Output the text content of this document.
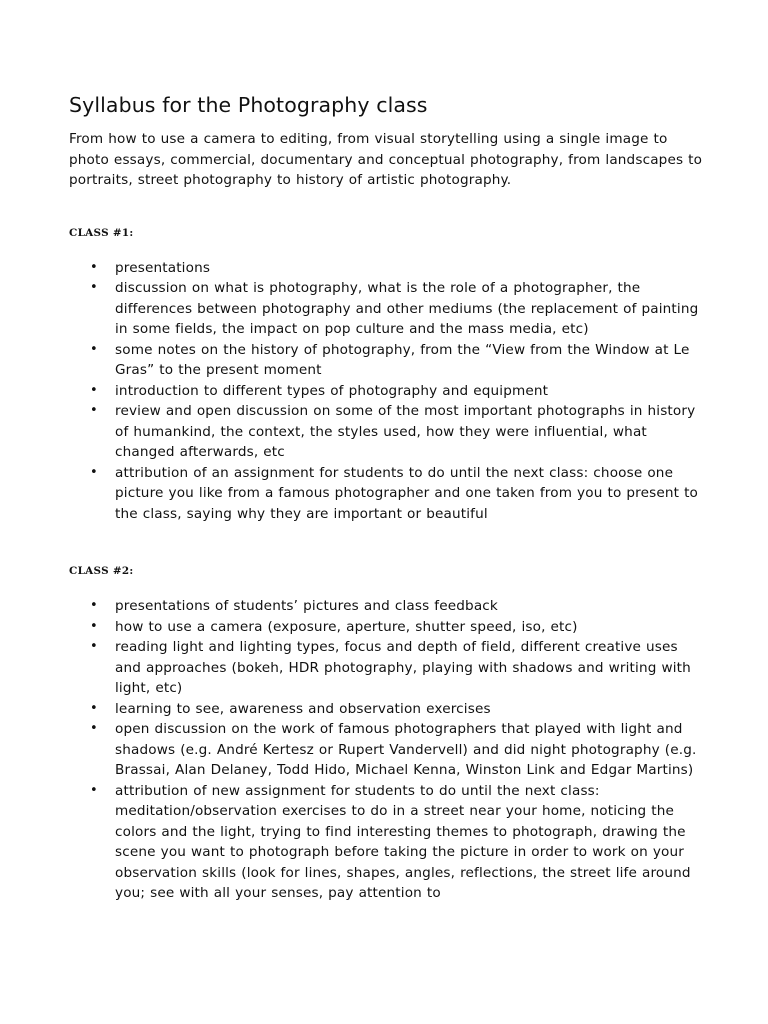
Syllabus for the Photography class

From how to use a camera to editing, from visual storytelling using a single image to photo essays, commercial, documentary and conceptual photography, from landscapes to portraits, street photography to history of artistic photography.

CLASS #1:
• presentations
• discussion on what is photography, what is the role of a photographer, the differences between photography and other mediums (the replacement of painting in some fields, the impact on pop culture and the mass media, etc)
• some notes on the history of photography, from the “View from the Window at Le Gras” to the present moment
• introduction to different types of photography and equipment
• review and open discussion on some of the most important photographs in history of humankind, the context, the styles used, how they were influential, what changed afterwards, etc
• attribution of an assignment for students to do until the next class: choose one picture you like from a famous photographer and one taken from you to present to the class, saying why they are important or beautiful
CLASS #2:
• presentations of students’ pictures and class feedback
• how to use a camera (exposure, aperture, shutter speed, iso, etc)
• reading light and lighting types, focus and depth of field, different creative uses and approaches (bokeh, HDR photography, playing with shadows and writing with light, etc)
• learning to see, awareness and observation exercises
• open discussion on the work of famous photographers that played with light and shadows (e.g. André Kertesz or Rupert Vandervell) and did night photography (e.g. Brassai, Alan Delaney, Todd Hido, Michael Kenna, Winston Link and Edgar Martins)
• attribution of new assignment for students to do until the next class: meditation/observation exercises to do in a street near your home, noticing the colors and the light, trying to find interesting themes to photograph, drawing the scene you want to photograph before taking the picture in order to work on your observation skills (look for lines, shapes, angles, reflections, the street life around you; see with all your senses, pay attention to
